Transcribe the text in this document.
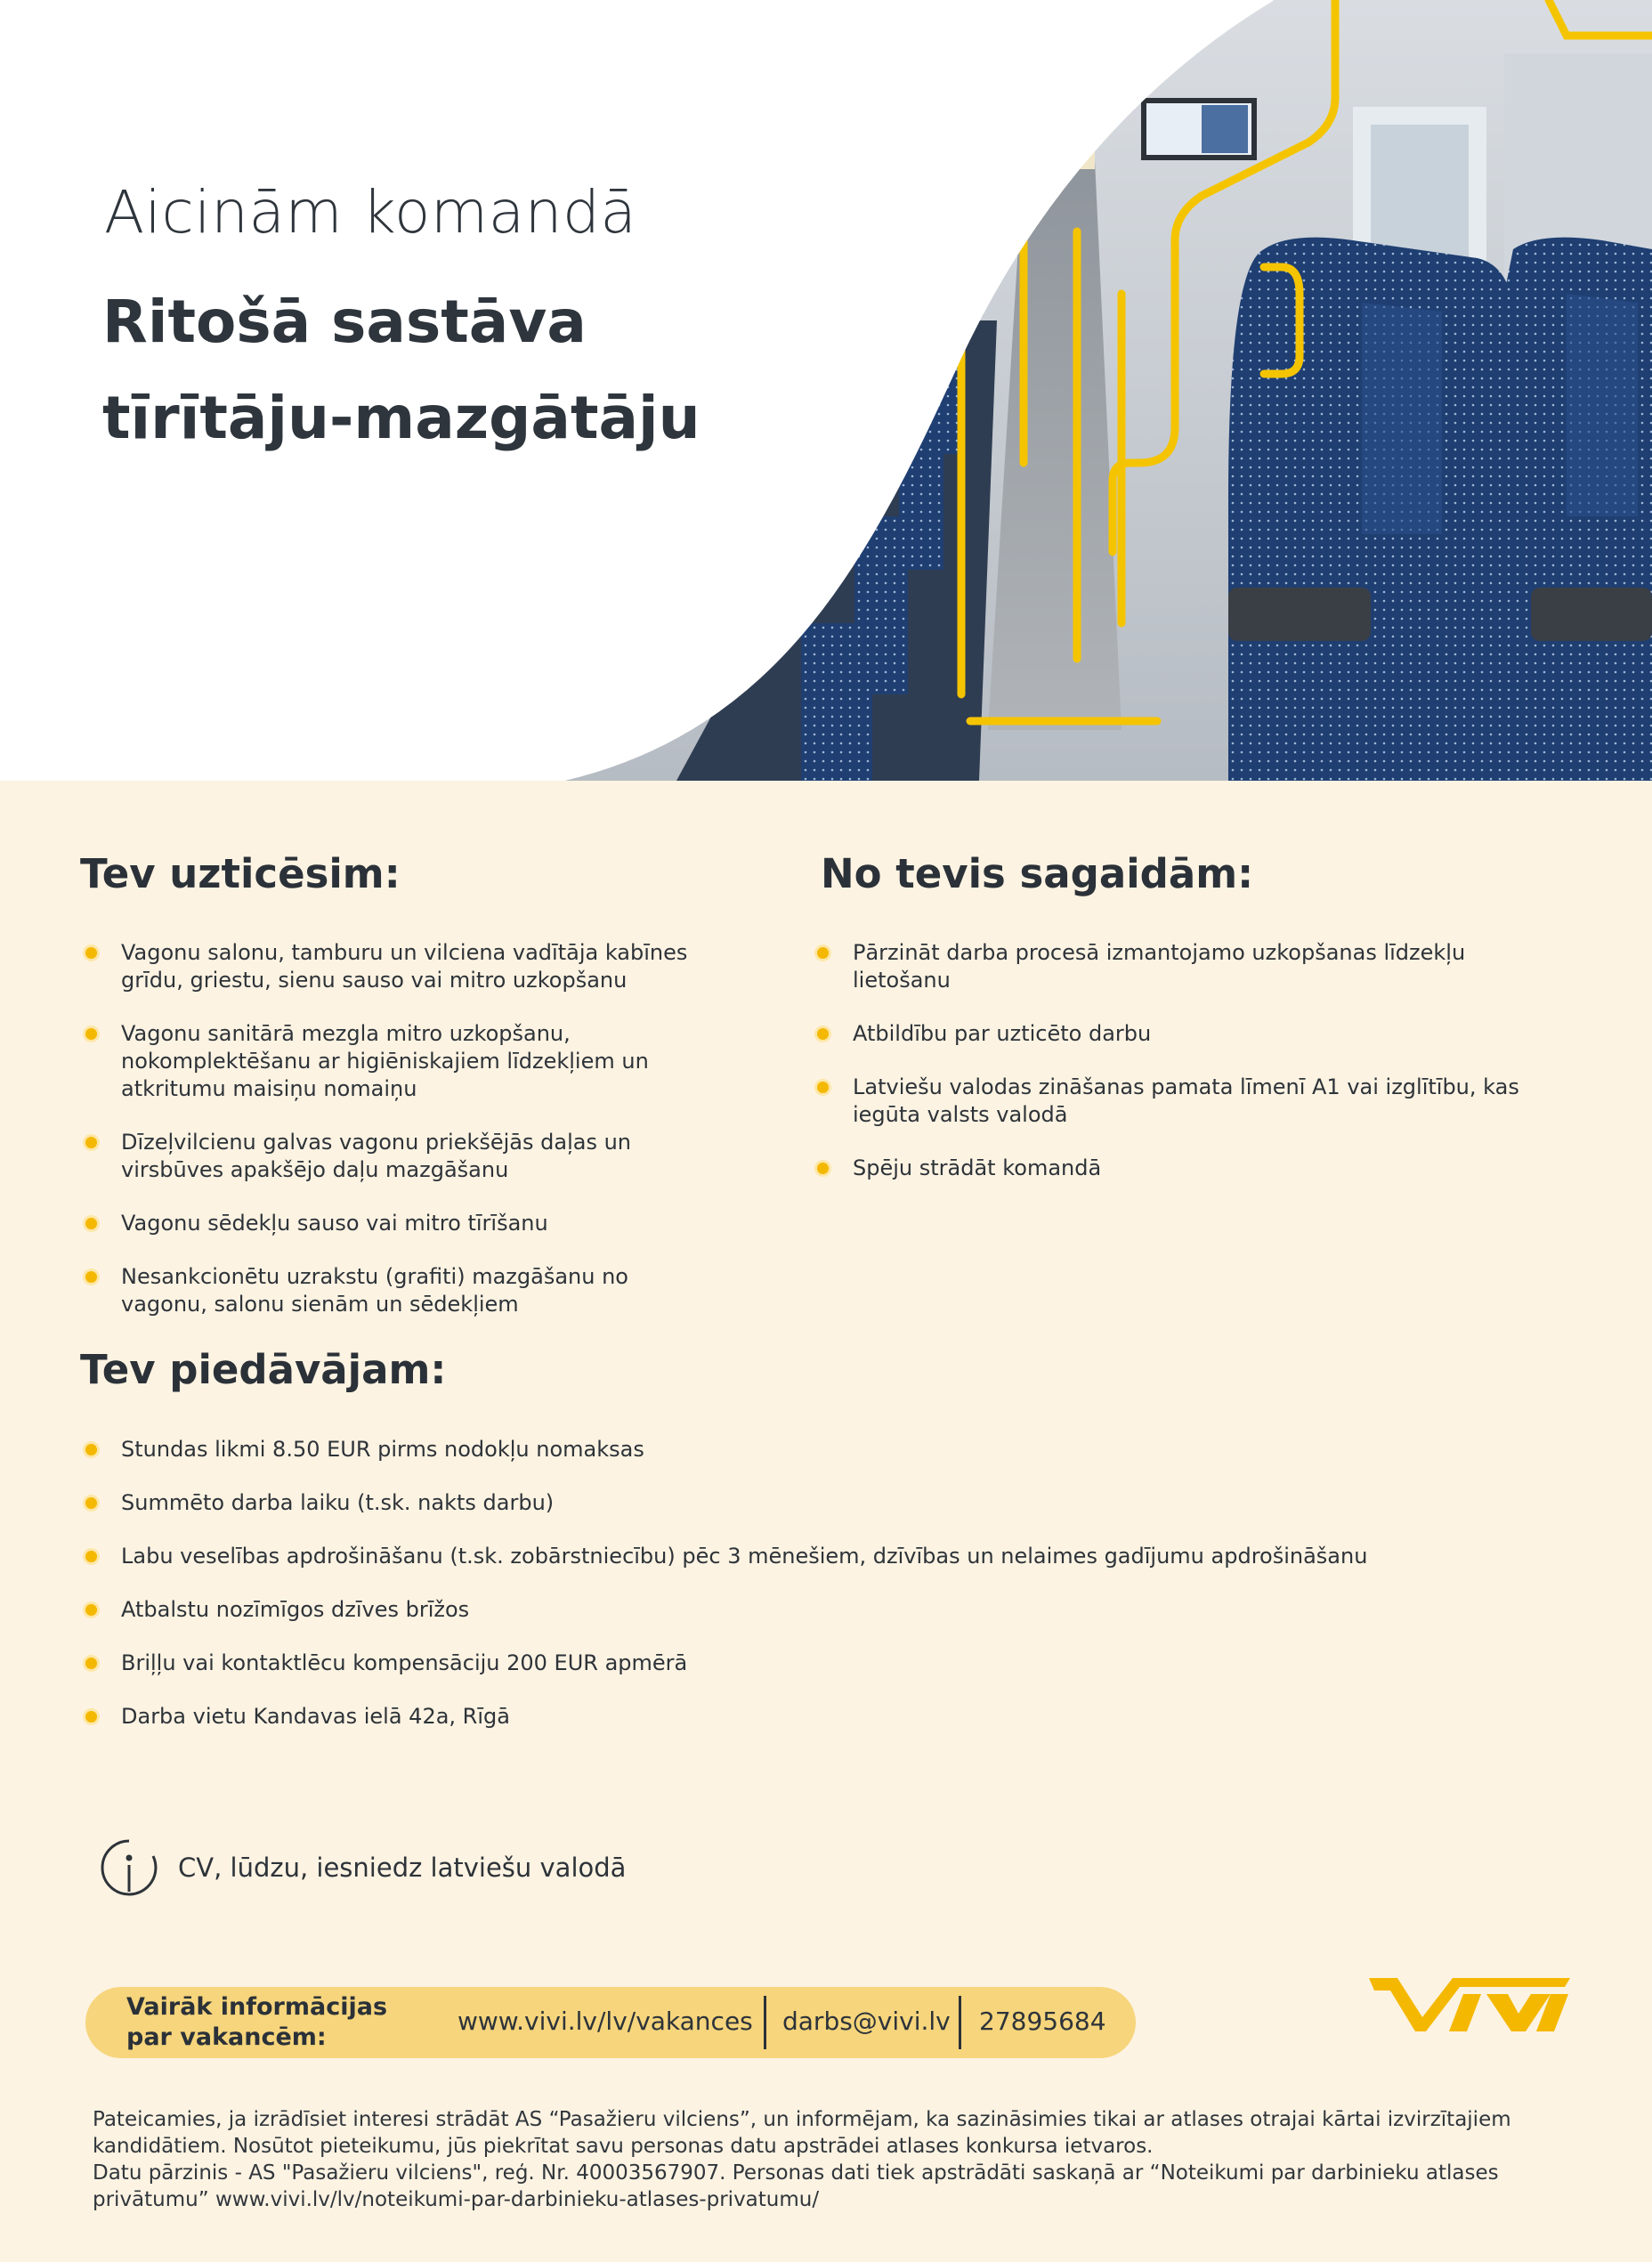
Aicinām komandā
Ritošā sastāva tīrītāju-mazgātāju
Tev uzticēsim:
Vagonu salonu, tamburu un vilciena vadītāja kabīnes grīdu, griestu, sienu sauso vai mitro uzkopšanu
Vagonu sanitārā mezgla mitro uzkopšanu, nokomplektēšanu ar higiēniskajiem līdzekļiem un atkritumu maisiņu nomaiņu
Dīzeļvilcienu galvas vagonu priekšējās daļas un virsbūves apakšējo daļu mazgāšanu
Vagonu sēdekļu sauso vai mitro tīrīšanu
Nesankcionētu uzrakstu (grafiti) mazgāšanu no vagonu, salonu sienām un sēdekļiem
No tevis sagaidām:
Pārzināt darba procesā izmantojamo uzkopšanas līdzekļu lietošanu
Atbildību par uzticēto darbu
Latviešu valodas zināšanas pamata līmenī A1 vai izglītību, kas iegūta valsts valodā
Spēju strādāt komandā
Tev piedāvājam:
Stundas likmi 8.50 EUR pirms nodokļu nomaksas
Summēto darba laiku (t.sk. nakts darbu)
Labu veselības apdrošināšanu (t.sk. zobārstniecību) pēc 3 mēnešiem, dzīvības un nelaimes gadījumu apdrošināšanu
Atbalstu nozīmīgos dzīves brīžos
Briļļu vai kontaktlēcu kompensāciju 200 EUR apmērā
Darba vietu Kandavas ielā 42a, Rīgā
CV, lūdzu, iesniedz latviešu valodā
Vairāk informācijas par vakancēm:
www.vivi.lv/lv/vakances darbs@vivi.lv 27895684

Pateicamies, ja izrādīsiet interesi strādāt AS “Pasažieru vilciens”, un informējam, ka sazināsimies tikai ar atlases otrajai kārtai izvirzītajiem kandidātiem. Nosūtot pieteikumu, jūs piekrītat savu personas datu apstrādei atlases konkursa ietvaros.

Datu pārzinis - AS "Pasažieru vilciens", reģ. Nr. 40003567907. Personas dati tiek apstrādāti saskaņā ar “Noteikumi par darbinieku atlases privātumu” www.vivi.lv/lv/noteikumi-par-darbinieku-atlases-privatumu/
